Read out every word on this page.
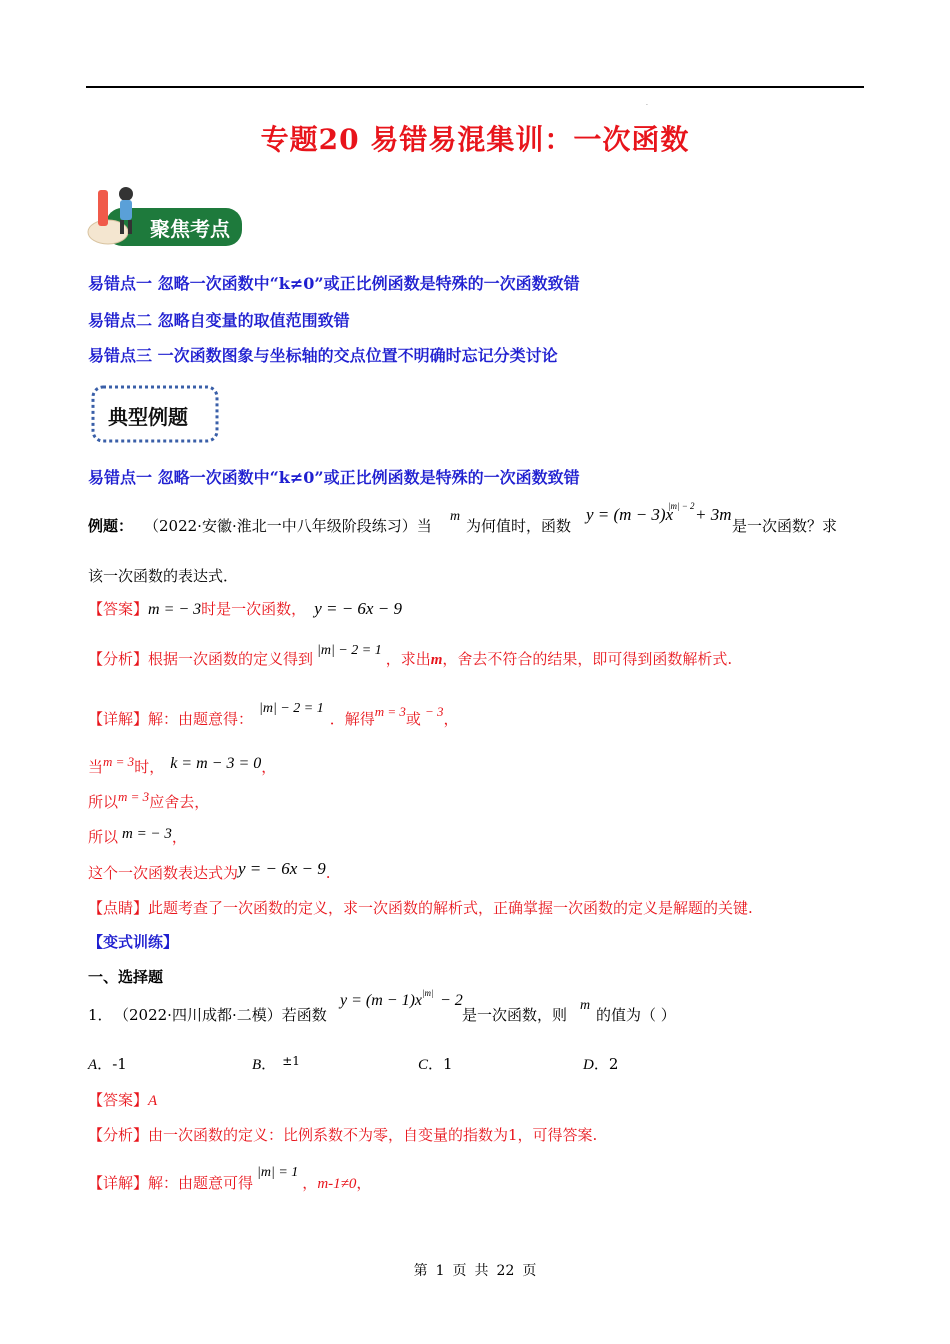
.
专题20 易错易混集训：一次函数
聚焦考点
易错点一 忽略一次函数中“k≠0”或正比例函数是特殊的一次函数致错
易错点二 忽略自变量的取值范围致错
易错点三 一次函数图象与坐标轴的交点位置不明确时忘记分类讨论
典型例题
易错点一 忽略一次函数中“k≠0”或正比例函数是特殊的一次函数致错
例题： （2022·安徽·淮北一中八年级阶段练习）当
m
为何值时，函数
y = (m − 3)x
|m| − 2 + 3m
是一次函数？求
该一次函数的表达式．
【答案】m = − 3时是一次函数， y = − 6x − 9
【分析】根据一次函数的定义得到 |m| − 2 = 1 ，求出m，舍去不符合的结果，即可得到函数解析式.
【详解】解：由题意得：|m| − 2 = 1．解得m = 3或 − 3，
当m = 3时， k = m − 3 = 0，
所以m = 3应舍去，
所以 m = − 3，
这个一次函数表达式为y = − 6x − 9.
【点睛】此题考查了一次函数的定义，求一次函数的解析式，正确掌握一次函数的定义是解题的关键.
【变式训练】
一、选择题
1． （2022·四川成都·二模）若函数
y = (m − 1)x |m| − 2
是一次函数，则
m
的值为（ ）
A．-1	B． $^{\pm 1}$	C．1	D．2
【答案】A
【分析】由一次函数的定义：比例系数不为零，自变量的指数为1，可得答案.
【详解】解：由题意可得|m| = 1，m-1≠0，
第 1 页 共 22 页
